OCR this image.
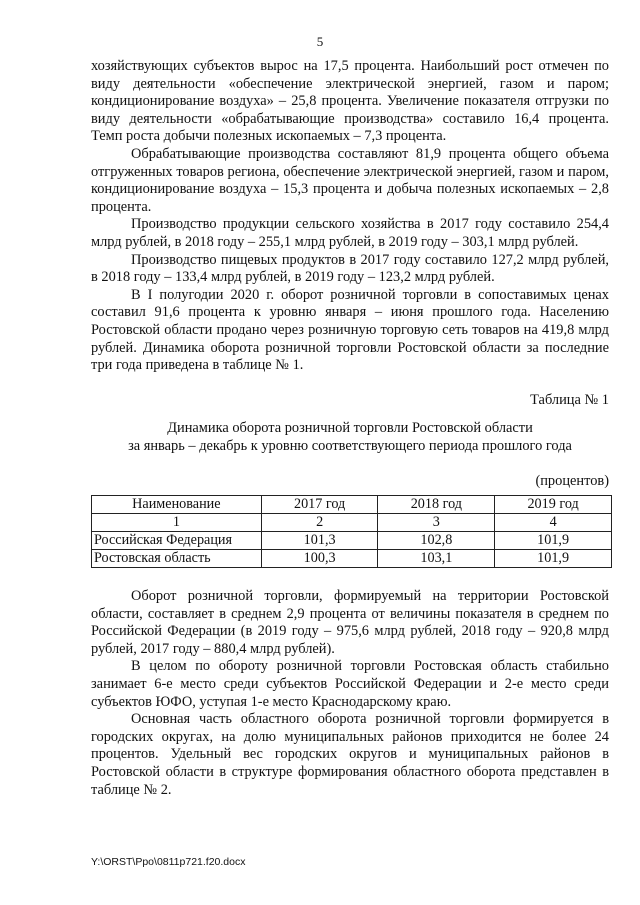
5

хозяйствующих субъектов вырос на 17,5 процента. Наибольший рост отмечен по виду деятельности «обеспечение электрической энергией, газом и паром; кондиционирование воздуха» – 25,8 процента. Увеличение показателя отгрузки по виду деятельности «обрабатывающие производства» составило 16,4 процента. Темп роста добычи полезных ископаемых – 7,3 процента.

Обрабатывающие производства составляют 81,9 процента общего объема отгруженных товаров региона, обеспечение электрической энергией, газом и паром, кондиционирование воздуха – 15,3 процента и добыча полезных ископаемых – 2,8 процента.

Производство продукции сельского хозяйства в 2017 году составило 254,4 млрд рублей, в 2018 году – 255,1 млрд рублей, в 2019 году – 303,1 млрд рублей.

Производство пищевых продуктов в 2017 году составило 127,2 млрд рублей, в 2018 году – 133,4 млрд рублей, в 2019 году – 123,2 млрд рублей.

В I полугодии 2020 г. оборот розничной торговли в сопоставимых ценах составил 91,6 процента к уровню января – июня прошлого года. Населению Ростовской области продано через розничную торговую сеть товаров на 419,8 млрд рублей. Динамика оборота розничной торговли Ростовской области за последние три года приведена в таблице № 1.

Таблица № 1

Динамика оборота розничной торговли Ростовской области
за январь – декабрь к уровню соответствующего периода прошлого года

(процентов)

Наименование	2017 год	2018 год	2019 год
1	2	3	4
Российская Федерация	101,3	102,8	101,9
Ростовская область	100,3	103,1	101,9

Оборот розничной торговли, формируемый на территории Ростовской области, составляет в среднем 2,9 процента от величины показателя в среднем по Российской Федерации (в 2019 году – 975,6 млрд рублей, 2018 году – 920,8 млрд рублей, 2017 году – 880,4 млрд рублей).

В целом по обороту розничной торговли Ростовская область стабильно занимает 6-е место среди субъектов Российской Федерации и 2-е место среди субъектов ЮФО, уступая 1-е место Краснодарскому краю.

Основная часть областного оборота розничной торговли формируется в городских округах, на долю муниципальных районов приходится не более 24 процентов. Удельный вес городских округов и муниципальных районов в Ростовской области в структуре формирования областного оборота представлен в таблице № 2.

Y:\ORST\Ppo\0811p721.f20.docx
